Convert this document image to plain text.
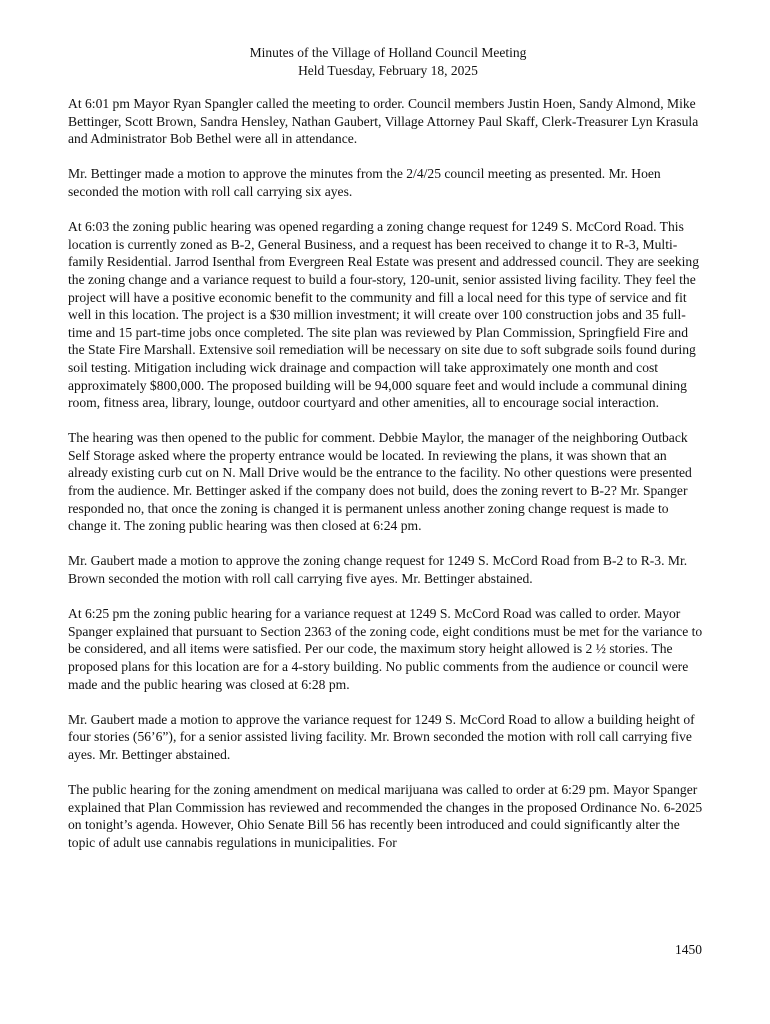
Minutes of the Village of Holland Council Meeting
Held Tuesday, February 18, 2025

At 6:01 pm Mayor Ryan Spangler called the meeting to order. Council members Justin Hoen, Sandy Almond, Mike Bettinger, Scott Brown, Sandra Hensley, Nathan Gaubert, Village Attorney Paul Skaff, Clerk-Treasurer Lyn Krasula and Administrator Bob Bethel were all in attendance.

Mr. Bettinger made a motion to approve the minutes from the 2/4/25 council meeting as presented. Mr. Hoen seconded the motion with roll call carrying six ayes.

At 6:03 the zoning public hearing was opened regarding a zoning change request for 1249 S. McCord Road. This location is currently zoned as B-2, General Business, and a request has been received to change it to R-3, Multi-family Residential. Jarrod Isenthal from Evergreen Real Estate was present and addressed council. They are seeking the zoning change and a variance request to build a four-story, 120-unit, senior assisted living facility. They feel the project will have a positive economic benefit to the community and fill a local need for this type of service and fit well in this location. The project is a $30 million investment; it will create over 100 construction jobs and 35 full-time and 15 part-time jobs once completed. The site plan was reviewed by Plan Commission, Springfield Fire and the State Fire Marshall. Extensive soil remediation will be necessary on site due to soft subgrade soils found during soil testing. Mitigation including wick drainage and compaction will take approximately one month and cost approximately $800,000. The proposed building will be 94,000 square feet and would include a communal dining room, fitness area, library, lounge, outdoor courtyard and other amenities, all to encourage social interaction.

The hearing was then opened to the public for comment. Debbie Maylor, the manager of the neighboring Outback Self Storage asked where the property entrance would be located. In reviewing the plans, it was shown that an already existing curb cut on N. Mall Drive would be the entrance to the facility. No other questions were presented from the audience. Mr. Bettinger asked if the company does not build, does the zoning revert to B-2? Mr. Spanger responded no, that once the zoning is changed it is permanent unless another zoning change request is made to change it. The zoning public hearing was then closed at 6:24 pm.

Mr. Gaubert made a motion to approve the zoning change request for 1249 S. McCord Road from B-2 to R-3. Mr. Brown seconded the motion with roll call carrying five ayes. Mr. Bettinger abstained.

At 6:25 pm the zoning public hearing for a variance request at 1249 S. McCord Road was called to order. Mayor Spanger explained that pursuant to Section 2363 of the zoning code, eight conditions must be met for the variance to be considered, and all items were satisfied. Per our code, the maximum story height allowed is 2 ½ stories. The proposed plans for this location are for a 4-story building. No public comments from the audience or council were made and the public hearing was closed at 6:28 pm.

Mr. Gaubert made a motion to approve the variance request for 1249 S. McCord Road to allow a building height of four stories (56’6”), for a senior assisted living facility. Mr. Brown seconded the motion with roll call carrying five ayes. Mr. Bettinger abstained.

The public hearing for the zoning amendment on medical marijuana was called to order at 6:29 pm. Mayor Spanger explained that Plan Commission has reviewed and recommended the changes in the proposed Ordinance No. 6-2025 on tonight’s agenda. However, Ohio Senate Bill 56 has recently been introduced and could significantly alter the topic of adult use cannabis regulations in municipalities. For

1450
